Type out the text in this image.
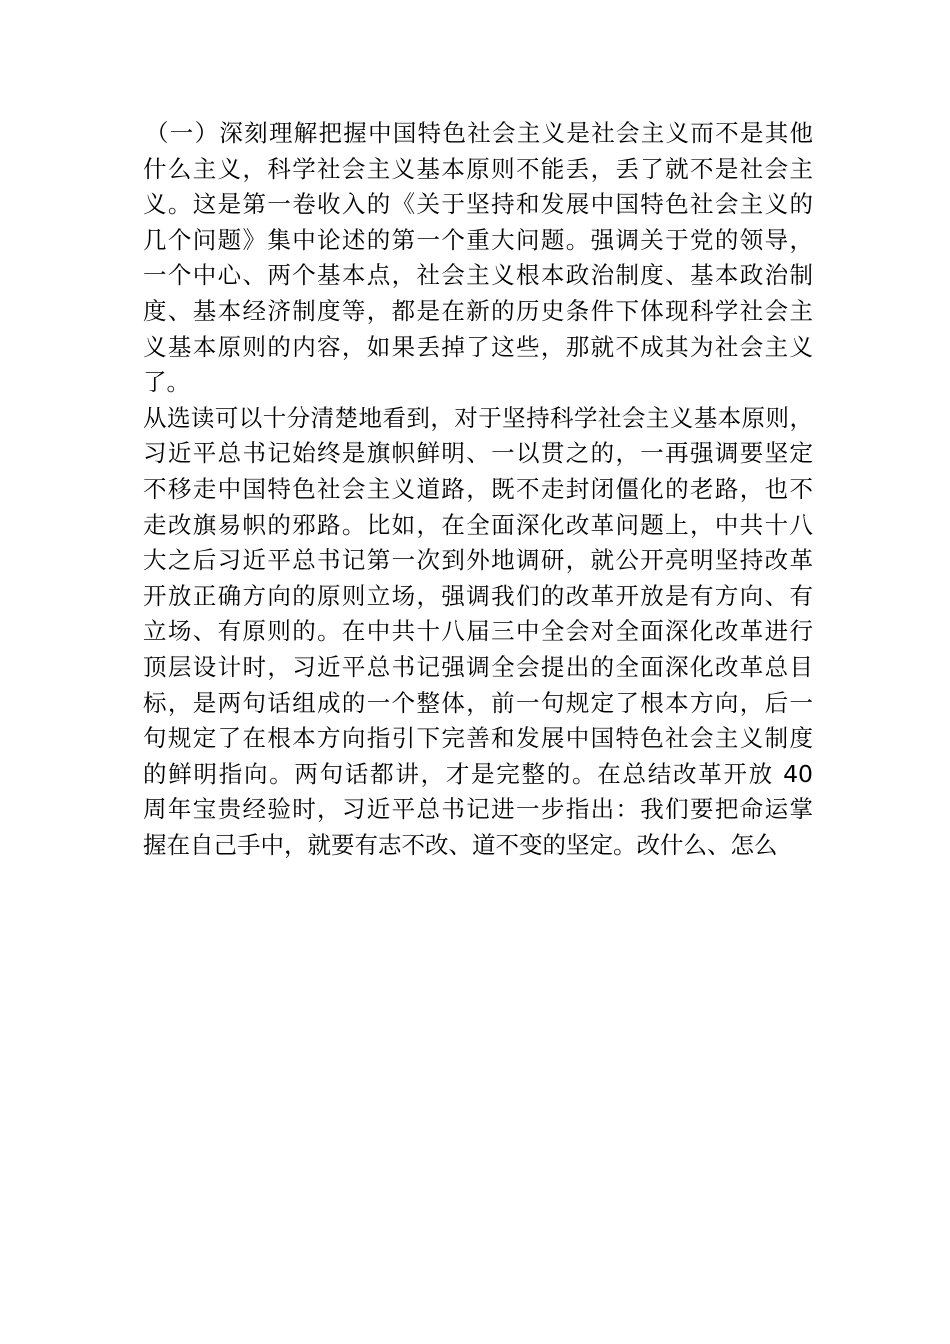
（一）深刻理解把握中国特色社会主义是社会主义而不是其他
什么主义，科学社会主义基本原则不能丢，丢了就不是社会主
义。这是第一卷收入的《关于坚持和发展中国特色社会主义的
几个问题》集中论述的第一个重大问题。强调关于党的领导，
一个中心、两个基本点，社会主义根本政治制度、基本政治制
度、基本经济制度等，都是在新的历史条件下体现科学社会主
义基本原则的内容，如果丢掉了这些，那就不成其为社会主义
了。
从选读可以十分清楚地看到，对于坚持科学社会主义基本原则，
习近平总书记始终是旗帜鲜明、一以贯之的，一再强调要坚定
不移走中国特色社会主义道路，既不走封闭僵化的老路，也不
走改旗易帜的邪路。比如，在全面深化改革问题上，中共十八
大之后习近平总书记第一次到外地调研，就公开亮明坚持改革
开放正确方向的原则立场，强调我们的改革开放是有方向、有
立场、有原则的。在中共十八届三中全会对全面深化改革进行
顶层设计时，习近平总书记强调全会提出的全面深化改革总目
标，是两句话组成的一个整体，前一句规定了根本方向，后一
句规定了在根本方向指引下完善和发展中国特色社会主义制度
的鲜明指向。两句话都讲，才是完整的。在总结改革开放 40
周年宝贵经验时，习近平总书记进一步指出：我们要把命运掌
握在自己手中，就要有志不改、道不变的坚定。改什么、怎么
